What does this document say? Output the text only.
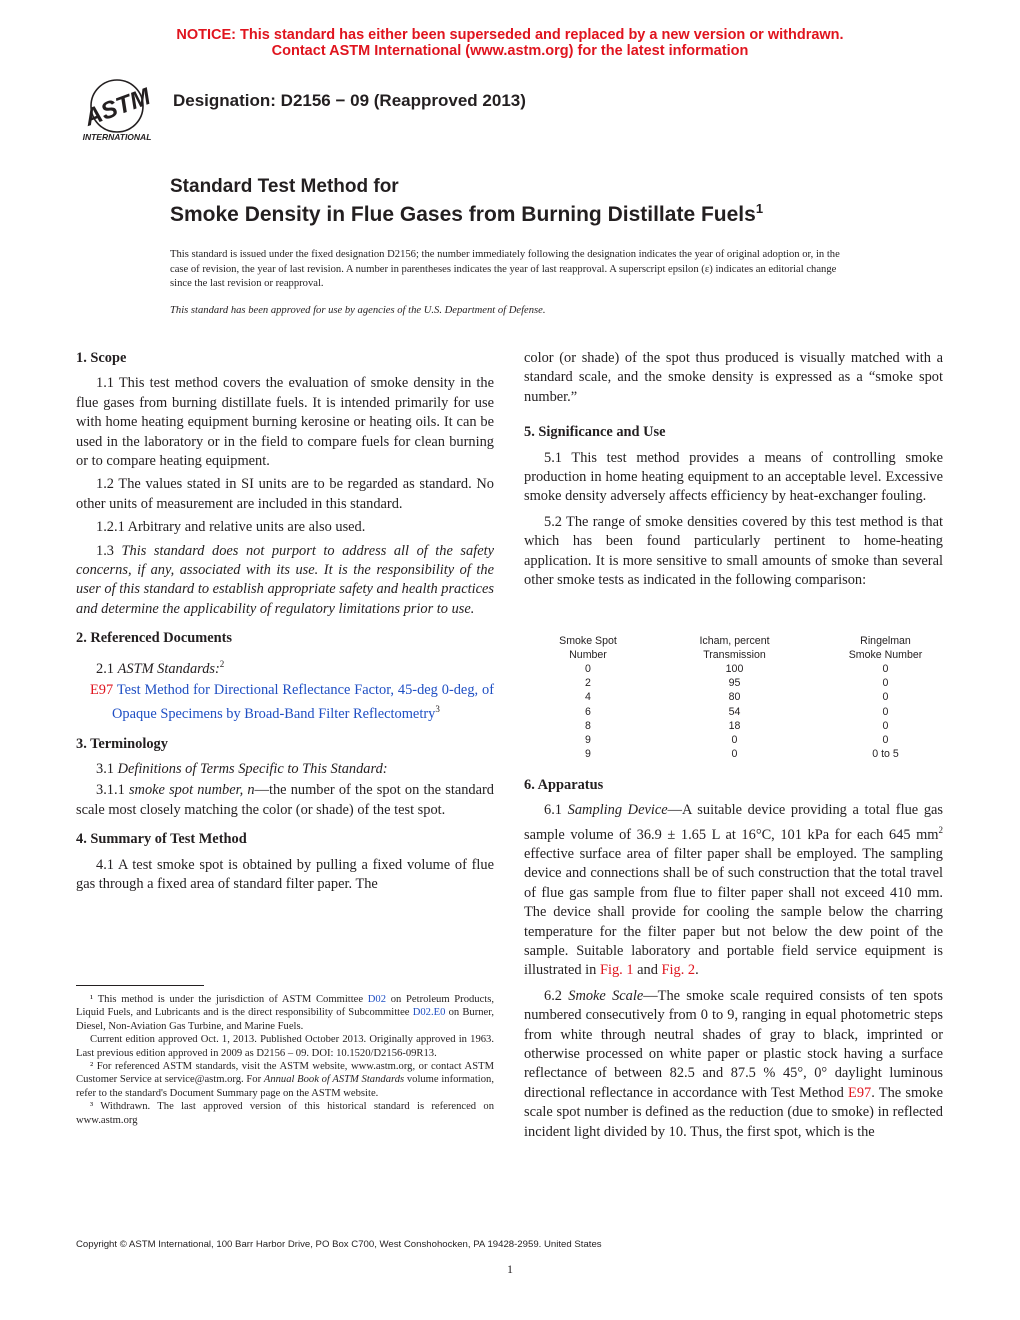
NOTICE: This standard has either been superseded and replaced by a new version or withdrawn.
Contact ASTM International (www.astm.org) for the latest information
ASTM
INTERNATIONAL
Designation: D2156 − 09 (Reapproved 2013)
Standard Test Method for
Smoke Density in Flue Gases from Burning Distillate Fuels$^1$
This standard is issued under the fixed designation D2156; the number immediately following the designation indicates the year of original adoption or, in the case of revision, the year of last revision. A number in parentheses indicates the year of last reapproval. A superscript epsilon (ε) indicates an editorial change since the last revision or reapproval.
This standard has been approved for use by agencies of the U.S. Department of Defense.
1. Scope

1.1 This test method covers the evaluation of smoke density in the flue gases from burning distillate fuels. It is intended primarily for use with home heating equipment burning kerosine or heating oils. It can be used in the laboratory or in the field to compare fuels for clean burning or to compare heating equipment.

1.2 The values stated in SI units are to be regarded as standard. No other units of measurement are included in this standard.

1.2.1 Arbitrary and relative units are also used.

1.3 This standard does not purport to address all of the safety concerns, if any, associated with its use. It is the responsibility of the user of this standard to establish appropriate safety and health practices and determine the applicability of regulatory limitations prior to use.

2. Referenced Documents

2.1 ASTM Standards:$^2$

E97 Test Method for Directional Reflectance Factor, 45-deg 0-deg, of Opaque Specimens by Broad-Band Filter Reflectometry$^3$

3. Terminology

3.1 Definitions of Terms Specific to This Standard:

3.1.1 smoke spot number, n—the number of the spot on the standard scale most closely matching the color (or shade) of the test spot.

4. Summary of Test Method

4.1 A test smoke spot is obtained by pulling a fixed volume of flue gas through a fixed area of standard filter paper. The

¹ This method is under the jurisdiction of ASTM Committee D02 on Petroleum Products, Liquid Fuels, and Lubricants and is the direct responsibility of Subcommittee D02.E0 on Burner, Diesel, Non-Aviation Gas Turbine, and Marine Fuels.

Current edition approved Oct. 1, 2013. Published October 2013. Originally approved in 1963. Last previous edition approved in 2009 as D2156 – 09. DOI: 10.1520/D2156-09R13.

² For referenced ASTM standards, visit the ASTM website, www.astm.org, or contact ASTM Customer Service at service@astm.org. For Annual Book of ASTM Standards volume information, refer to the standard's Document Summary page on the ASTM website.

³ Withdrawn. The last approved version of this historical standard is referenced on www.astm.org

color (or shade) of the spot thus produced is visually matched with a standard scale, and the smoke density is expressed as a “smoke spot number.”

5. Significance and Use

5.1 This test method provides a means of controlling smoke production in home heating equipment to an acceptable level. Excessive smoke density adversely affects efficiency by heat-exchanger fouling.

5.2 The range of smoke densities covered by this test method is that which has been found particularly pertinent to home-heating application. It is more sensitive to small amounts of smoke than several other smoke tests as indicated in the following comparison:

Smoke Spot
Number
Icham, percent
Transmission
Ringelman
Smoke Number
0	100	0
2	95	0
4	80	0
6	54	0
8	18	0
9	0	0
9	0	0 to 5
6. Apparatus

6.1 Sampling Device—A suitable device providing a total flue gas sample volume of 36.9 ± 1.65 L at 16°C, 101 kPa for each 645 $mm^2$ effective surface area of filter paper shall be employed. The sampling device and connections shall be of such construction that the total travel of flue gas sample from flue to filter paper shall not exceed 410 mm. The device shall provide for cooling the sample below the charring temperature for the filter paper but not below the dew point of the sample. Suitable laboratory and portable field service equipment is illustrated in Fig. 1 and Fig. 2.

6.2 Smoke Scale—The smoke scale required consists of ten spots numbered consecutively from 0 to 9, ranging in equal photometric steps from white through neutral shades of gray to black, imprinted or otherwise processed on white paper or plastic stock having a surface reflectance of between 82.5 and 87.5 % 45°, 0° daylight luminous directional reflectance in accordance with Test Method E97. The smoke scale spot number is defined as the reduction (due to smoke) in reflected incident light divided by 10. Thus, the first spot, which is the

Copyright © ASTM International, 100 Barr Harbor Drive, PO Box C700, West Conshohocken, PA 19428-2959. United States
1
